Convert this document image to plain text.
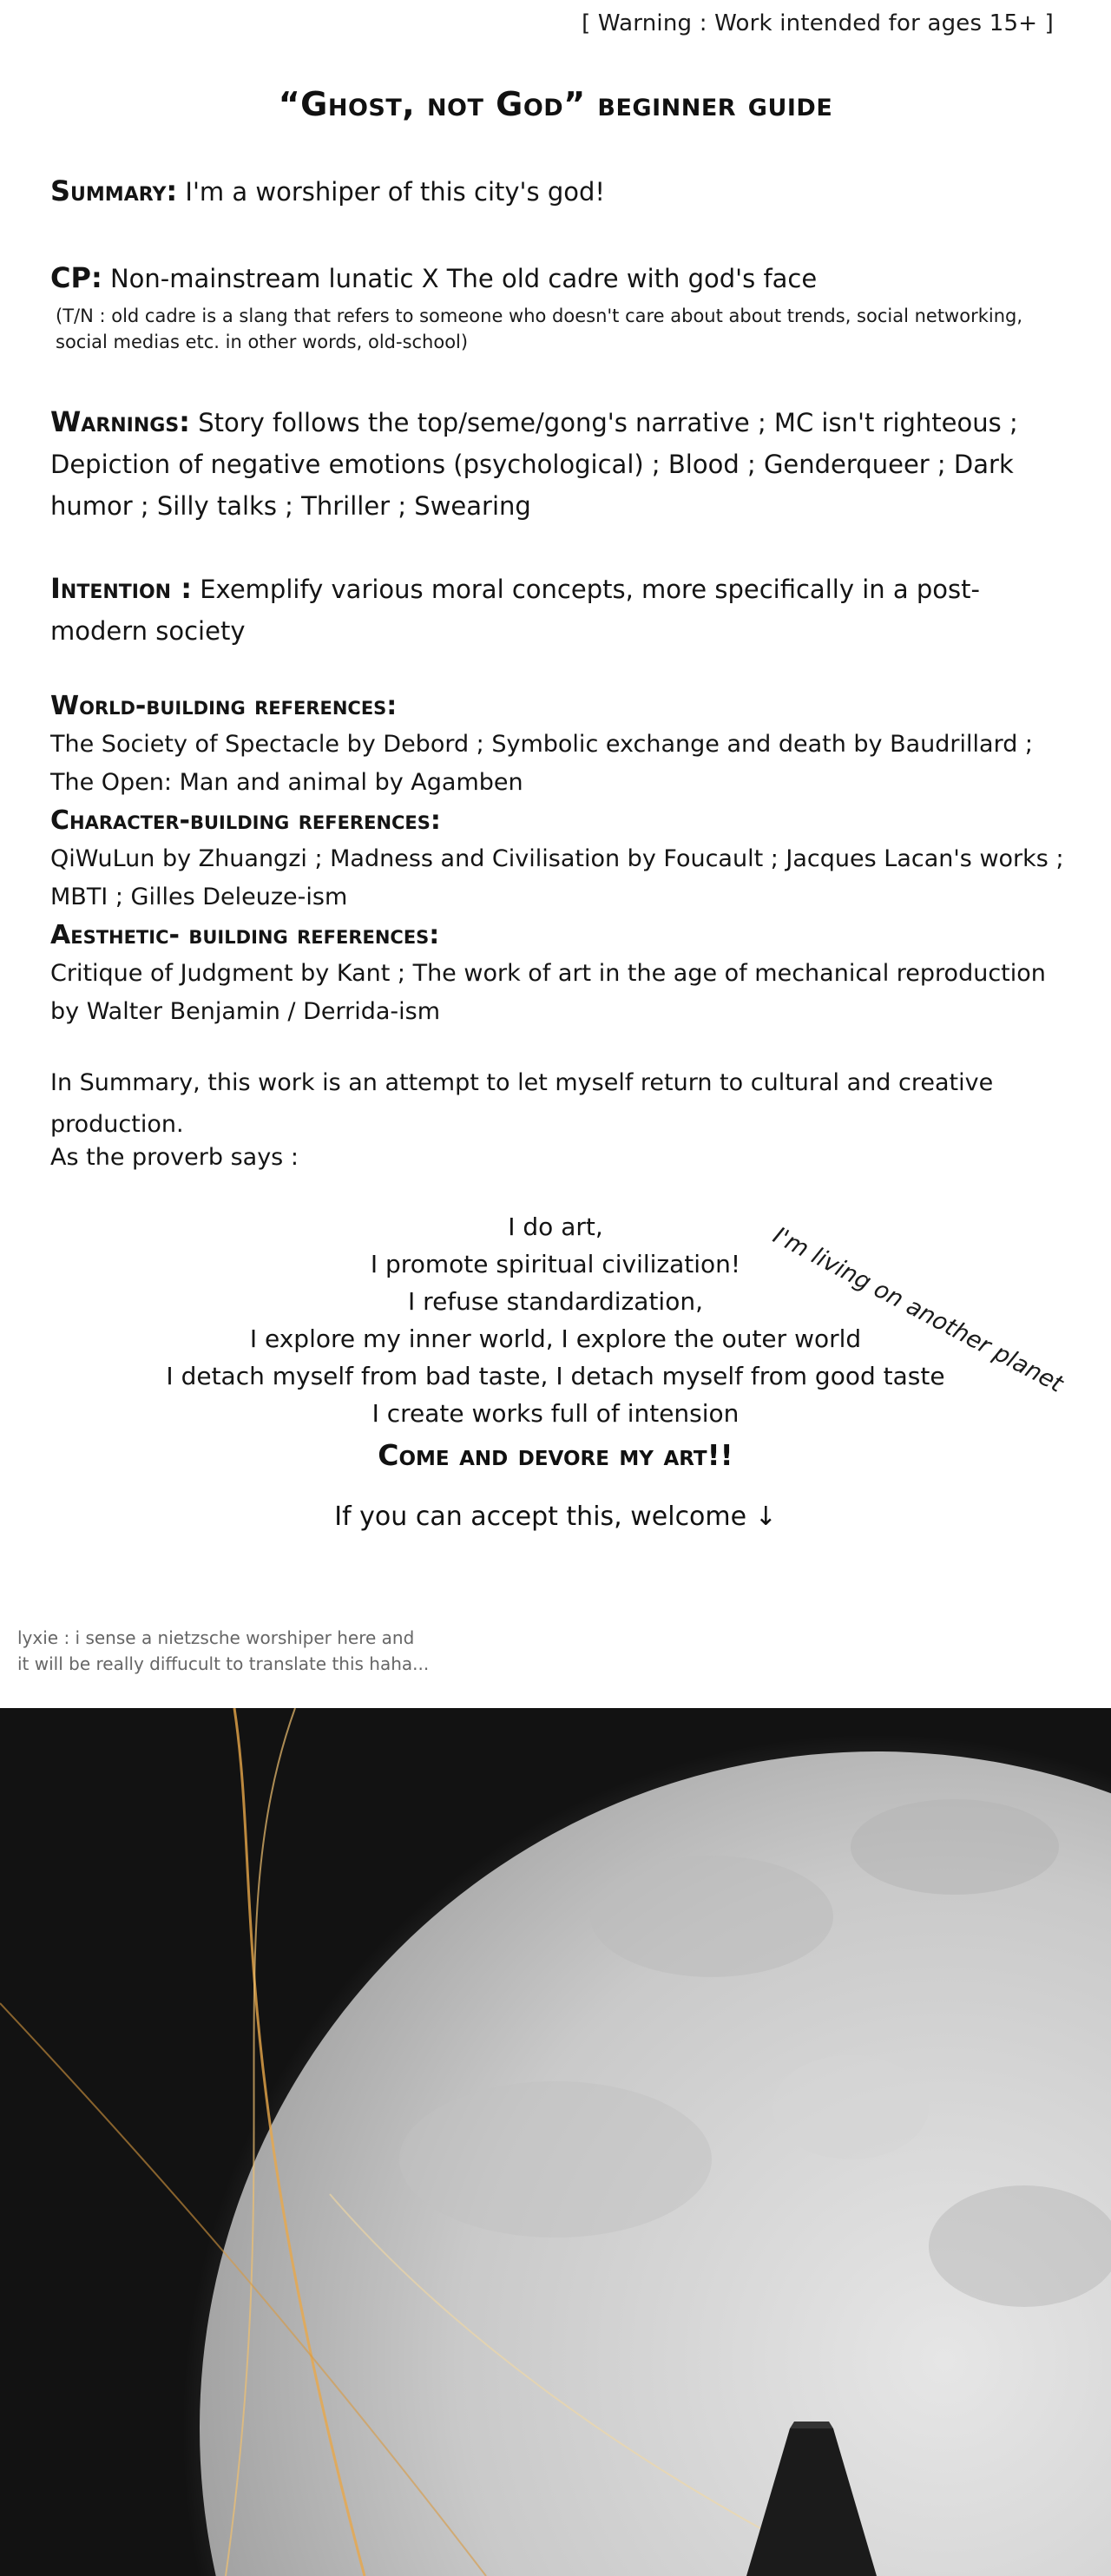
[ Warning : Work intended for ages 15+ ]
“Ghost, not God” beginner guide
Summary: I'm a worshiper of this city's god!
CP: Non-mainstream lunatic X The old cadre with god's face
(T/N : old cadre is a slang that refers to someone who doesn't care about about trends, social networking, social medias etc. in other words, old-school)
Warnings: Story follows the top/seme/gong's narrative ; MC isn't righteous ; Depiction of negative emotions (psychological) ; Blood ; Genderqueer ; Dark humor ; Silly talks ; Thriller ; Swearing
Intention : Exemplify various moral concepts, more specifically in a post-modern society
World-building references:
The Society of Spectacle by Debord ; Symbolic exchange and death by Baudrillard ; The Open: Man and animal by Agamben
Character-building references:
QiWuLun by Zhuangzi ; Madness and Civilisation by Foucault ; Jacques Lacan's works ; MBTI ; Gilles Deleuze-ism
Aesthetic- building references:
Critique of Judgment by Kant ; The work of art in the age of mechanical reproduction by Walter Benjamin / Derrida-ism
In Summary, this work is an attempt to let myself return to cultural and creative production.
As the proverb says :
I do art,
I promote spiritual civilization!
I refuse standardization,
I explore my inner world, I explore the outer world
I detach myself from bad taste, I detach myself from good taste
I create works full of intension
Come and devore my art!!
If you can accept this, welcome ↓
I'm living on another planet
lyxie : i sense a nietzsche worshiper here and
it will be really diffucult to translate this haha...
